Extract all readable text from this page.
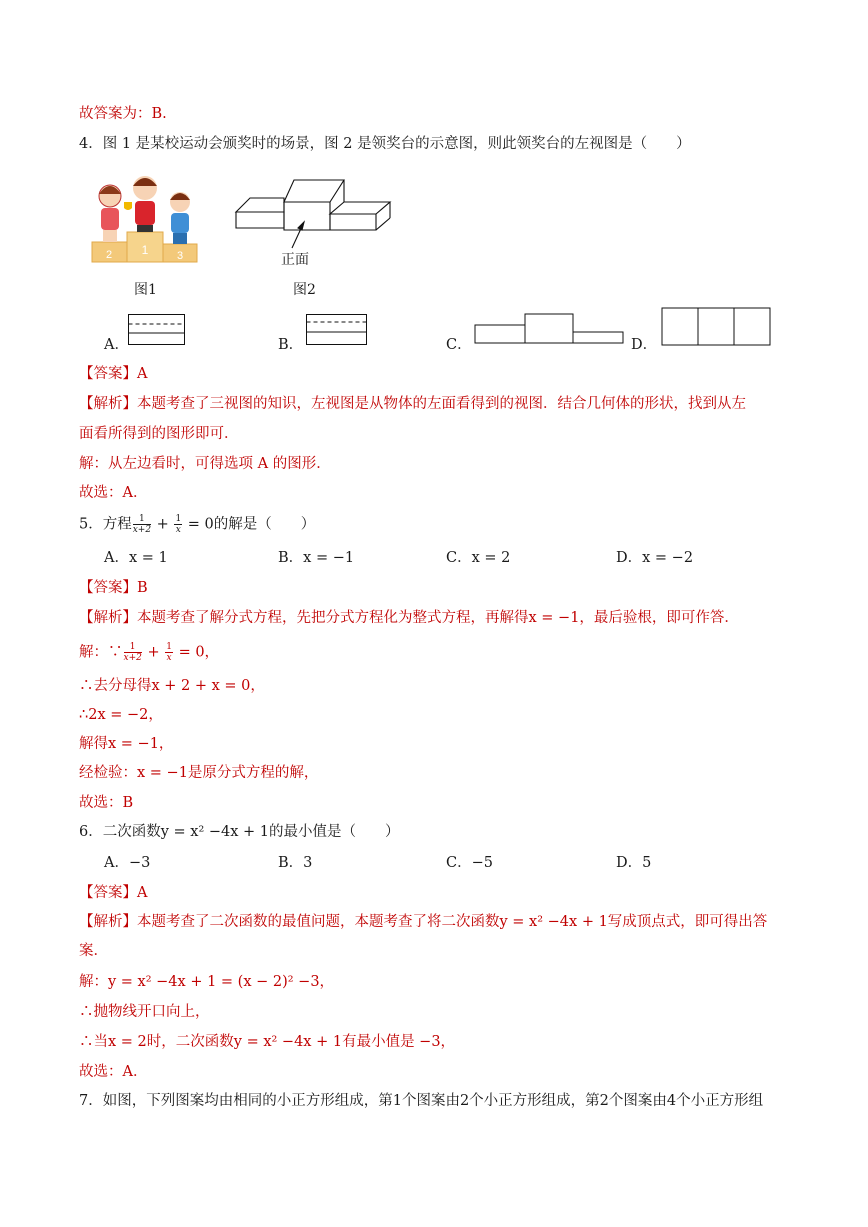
故答案为：B.
4．图 1 是某校运动会颁奖时的场景，图 2 是领奖台的示意图，则此领奖台的左视图是（　　）
2 1	3	正面
图1	图2
A．	B．	C．	D．
【答案】A
【解析】本题考查了三视图的知识，左视图是从物体的左面看得到的视图．结合几何体的形状，找到从左
面看所得到的图形即可．
解：从左边看时，可得选项 A 的图形．
故选：A．
5．方程 $\frac{1}{x+2} + \frac{1}{x} = 0$的解是（　　）
A．x = 1	B．x = −1	C．x = 2	D．x = −2
【答案】B
【解析】本题考查了解分式方程，先把分式方程化为整式方程，再解得x = −1，最后验根，即可作答．
解：∵ $\frac{1}{x+2} + \frac{1}{x} = 0$，
∴去分母得x + 2 + x = 0，
∴2x = −2，
解得x = −1，
经检验：x = −1是原分式方程的解，
故选：B
6．二次函数y = x² −4x + 1的最小值是（　　）
A．−3	B．3	C．−5	D．5
【答案】A
【解析】本题考查了二次函数的最值问题，本题考查了将二次函数y = x² −4x + 1写成顶点式，即可得出答
案．
解：y = x² −4x + 1 = (x − 2)² −3，
∴抛物线开口向上，
∴当x = 2时，二次函数y = x² −4x + 1有最小值是 −3，
故选：A．
7．如图，下列图案均由相同的小正方形组成，第1个图案由2个小正方形组成，第2个图案由4个小正方形组
